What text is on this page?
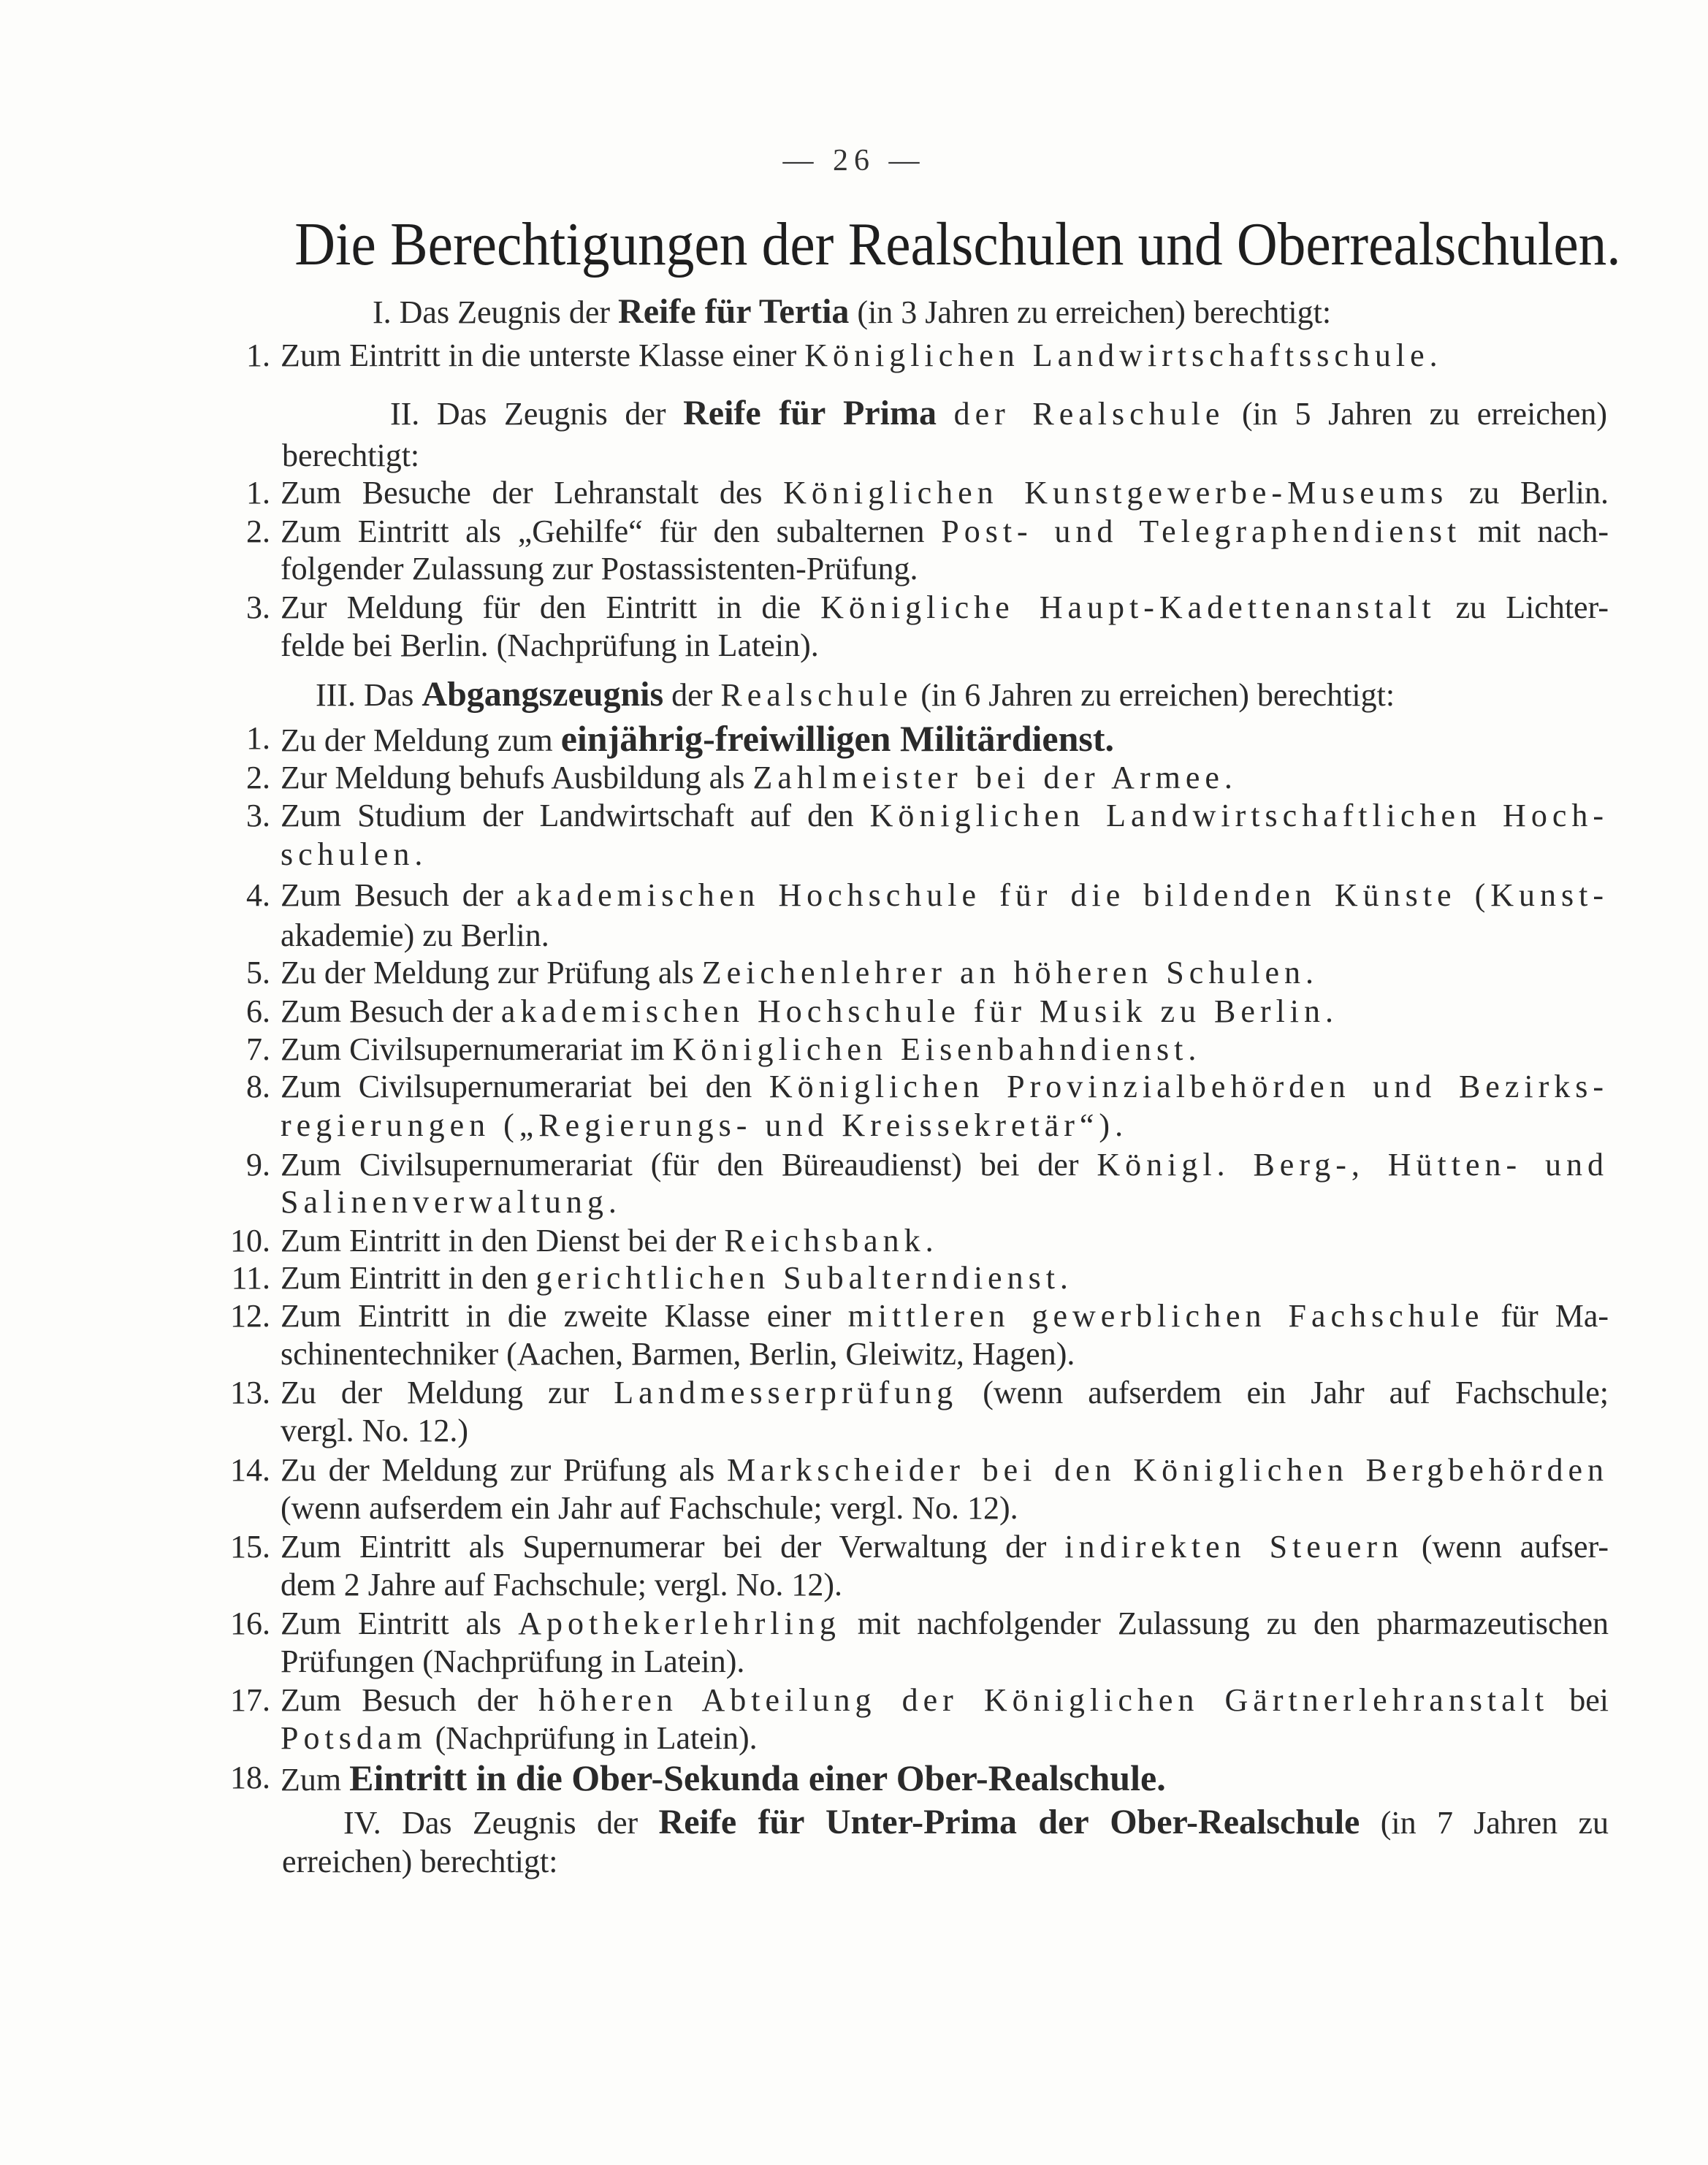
— 26 —
Die Berechtigungen der Realschulen und Oberrealschulen.
I. Das Zeugnis der Reife für Tertia (in 3 Jahren zu erreichen) berechtigt:
1. Zum Eintritt in die unterste Klasse einer Königlichen Landwirtschaftsschule.
II. Das Zeugnis der Reife für Prima der Realschule (in 5 Jahren zu erreichen)
berechtigt:
1. Zum Besuche der Lehranstalt des Königlichen Kunstgewerbe-Museums zu Berlin.
2. Zum Eintritt als „Gehilfe“ für den subalternen Post- und Telegraphendienst mit nach-
folgender Zulassung zur Postassistenten-Prüfung.
3. Zur Meldung für den Eintritt in die Königliche Haupt-Kadettenanstalt zu Lichter-
felde bei Berlin. (Nachprüfung in Latein).
III. Das Abgangszeugnis der Realschule (in 6 Jahren zu erreichen) berechtigt:
1. Zu der Meldung zum einjährig-freiwilligen Militärdienst.
2. Zur Meldung behufs Ausbildung als Zahlmeister bei der Armee.
3. Zum Studium der Landwirtschaft auf den Königlichen Landwirtschaftlichen Hoch-
schulen.
4. Zum Besuch der akademischen Hochschule für die bildenden Künste (Kunst-
akademie) zu Berlin.
5. Zu der Meldung zur Prüfung als Zeichenlehrer an höheren Schulen.
6. Zum Besuch der akademischen Hochschule für Musik zu Berlin.
7. Zum Civilsupernumerariat im Königlichen Eisenbahndienst.
8. Zum Civilsupernumerariat bei den Königlichen Provinzialbehörden und Bezirks-
regierungen („Regierungs- und Kreissekretär“).
9. Zum Civilsupernumerariat (für den Büreaudienst) bei der Königl. Berg-, Hütten- und
Salinenverwaltung.
10. Zum Eintritt in den Dienst bei der Reichsbank.
11. Zum Eintritt in den gerichtlichen Subalterndienst.
12. Zum Eintritt in die zweite Klasse einer mittleren gewerblichen Fachschule für Ma-
schinentechniker (Aachen, Barmen, Berlin, Gleiwitz, Hagen).
13. Zu der Meldung zur Landmesserprüfung (wenn aufserdem ein Jahr auf Fachschule;
vergl. No. 12.)
14. Zu der Meldung zur Prüfung als Markscheider bei den Königlichen Bergbehörden
(wenn aufserdem ein Jahr auf Fachschule; vergl. No. 12).
15. Zum Eintritt als Supernumerar bei der Verwaltung der indirekten Steuern (wenn aufser-
dem 2 Jahre auf Fachschule; vergl. No. 12).
16. Zum Eintritt als Apothekerlehrling mit nachfolgender Zulassung zu den pharmazeutischen
Prüfungen (Nachprüfung in Latein).
17. Zum Besuch der höheren Abteilung der Königlichen Gärtnerlehranstalt bei
Potsdam (Nachprüfung in Latein).
18. Zum Eintritt in die Ober-Sekunda einer Ober-Realschule.
IV. Das Zeugnis der Reife für Unter-Prima der Ober-Realschule (in 7 Jahren zu
erreichen) berechtigt:
